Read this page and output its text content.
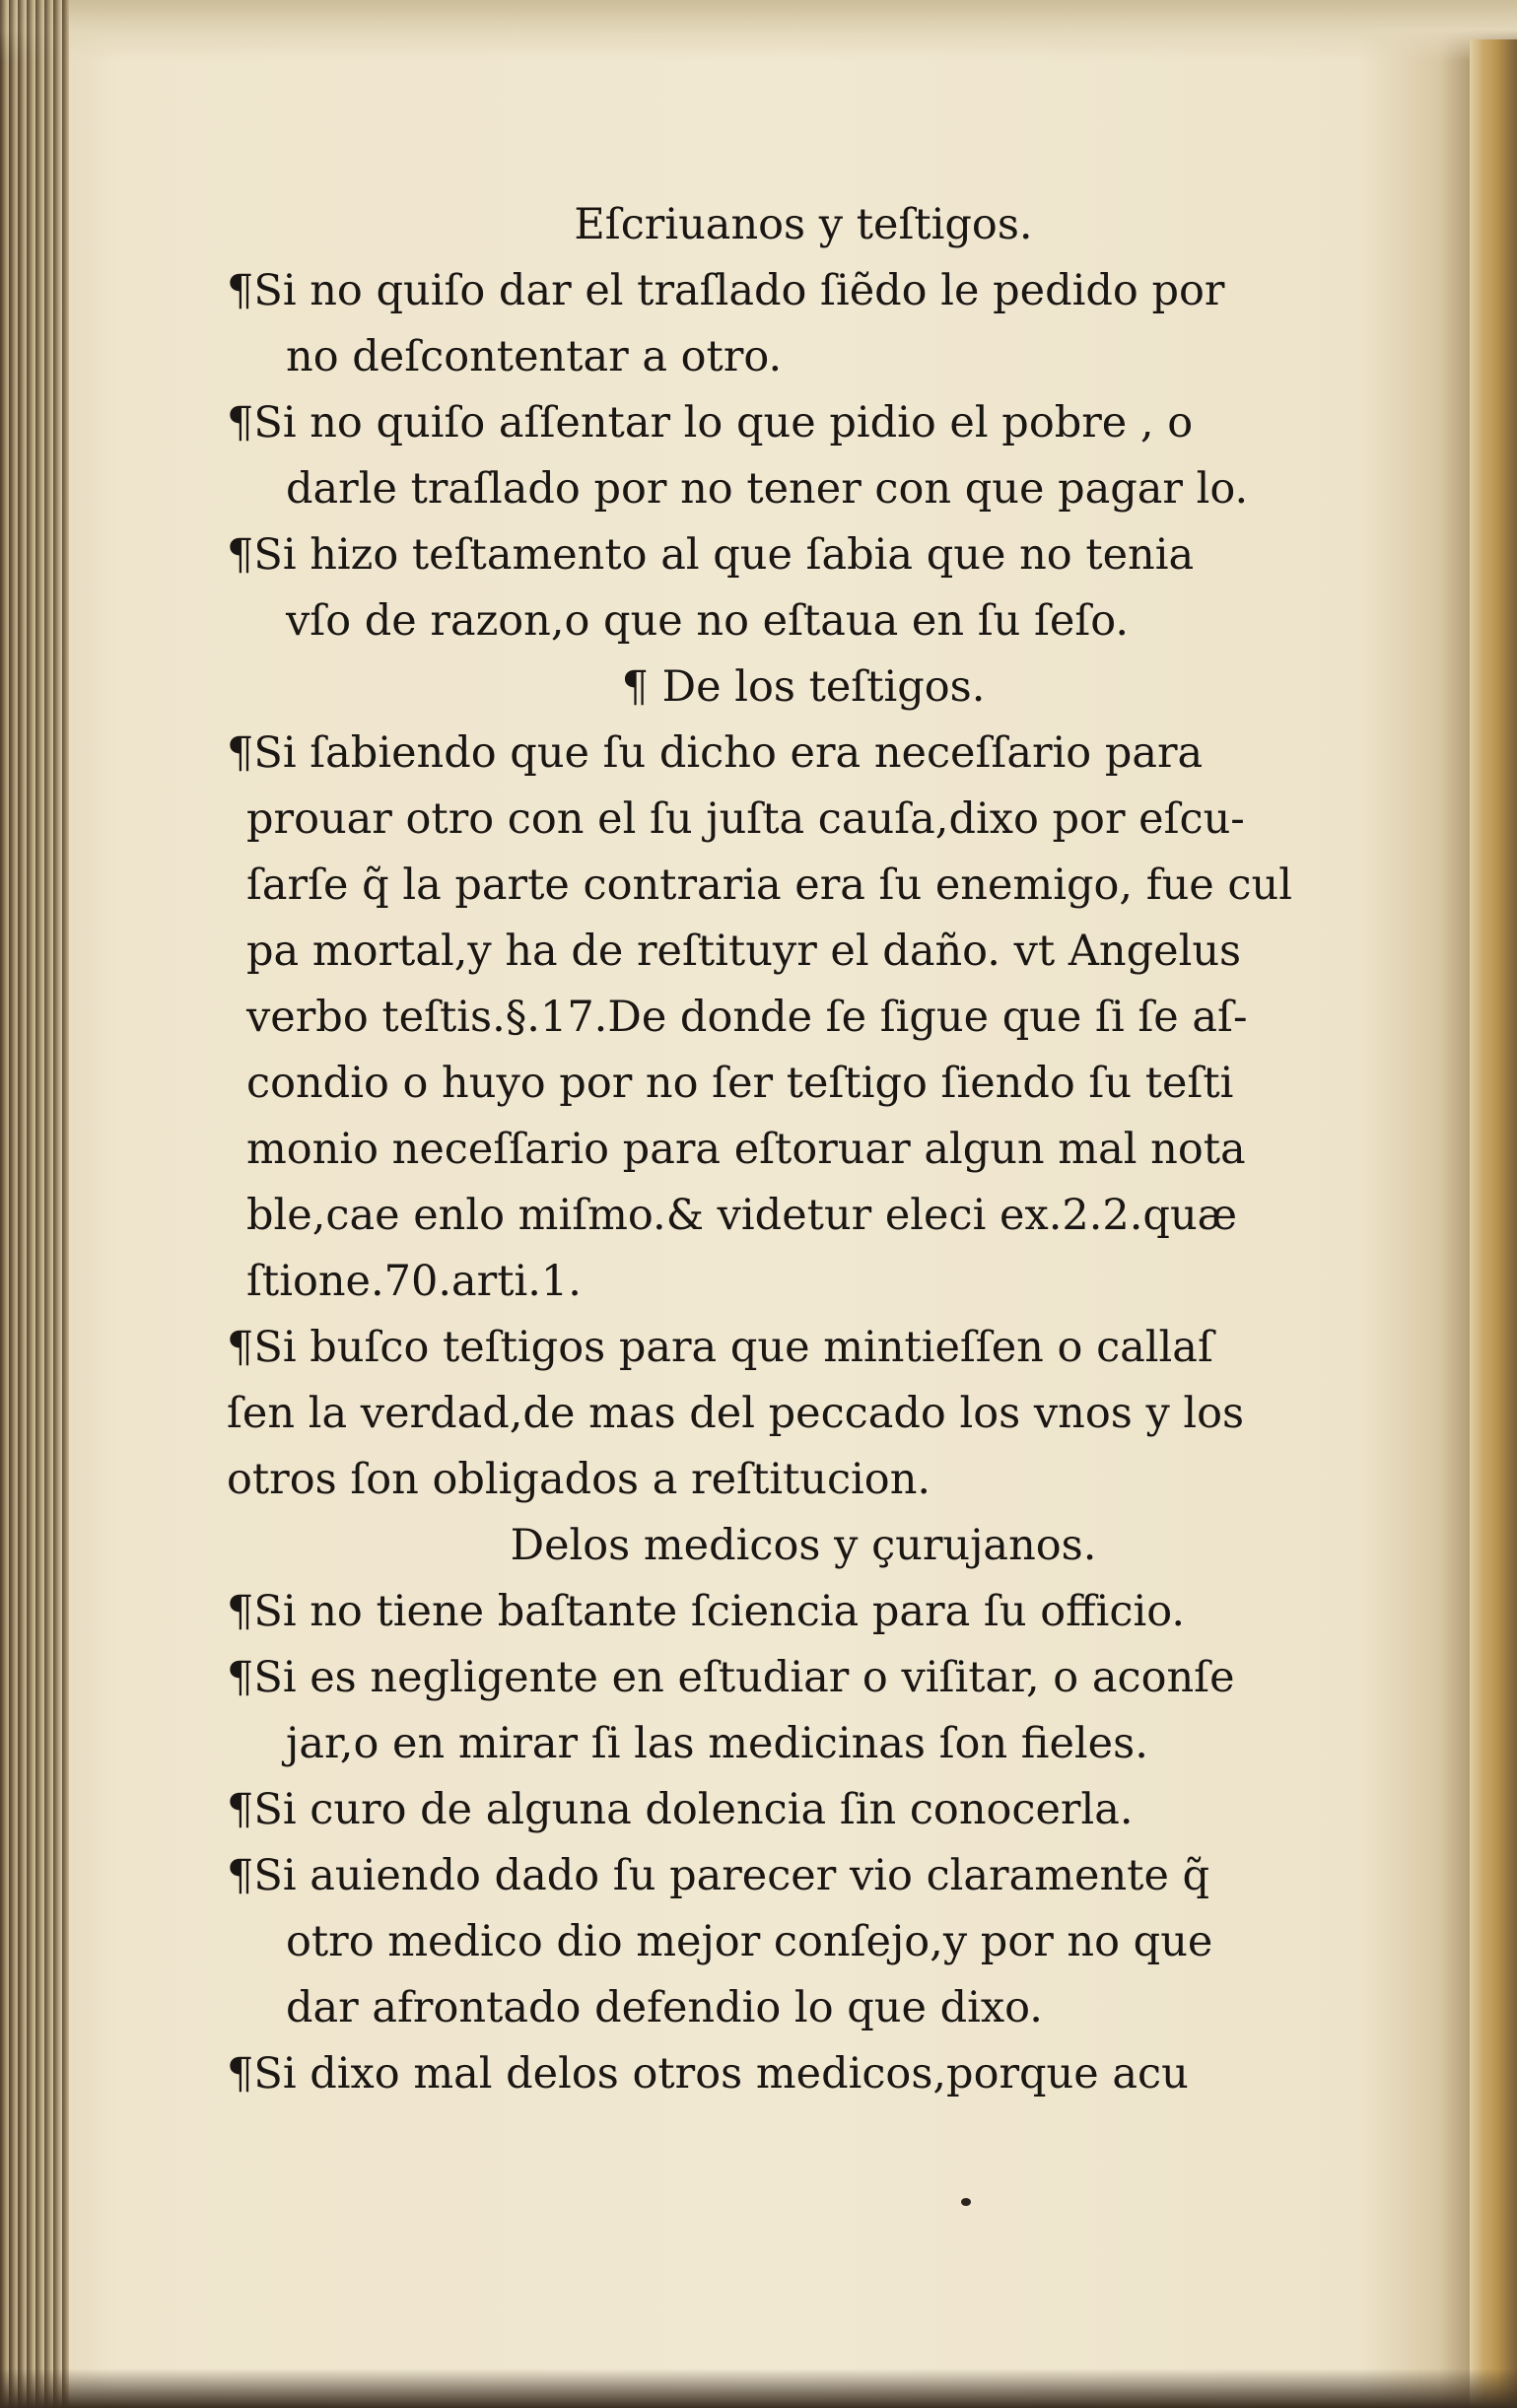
Eſcriuanos y teſtigos.
¶Si no quiſo dar el traſlado ſiẽdo le pedido por
no deſcontentar a otro.
¶Si no quiſo aſſentar lo que pidio el pobre , o
darle traſlado por no tener con que pagar lo.
¶Si hizo teſtamento al que ſabia que no tenia
vſo de razon,o que no eſtaua en ſu ſeſo.
¶ De los teſtigos.
¶Si ſabiendo que ſu dicho era neceſſario para
prouar otro con el ſu juſta cauſa,dixo por eſcu-
ſarſe q̃ la parte contraria era ſu enemigo, fue cul
pa mortal,y ha de reſtituyr el daño. vt Angelus
verbo teſtis.§.17.De donde ſe ſigue que ſi ſe aſ-
condio o huyo por no ſer teſtigo ſiendo ſu teſti
monio neceſſario para eſtoruar algun mal nota
ble,cae enlo miſmo.& videtur eleci ex.2.2.quæ
ſtione.70.arti.1.
¶Si buſco teſtigos para que mintieſſen o callaſ
ſen la verdad,de mas del peccado los vnos y los
otros ſon obligados a reſtitucion.
Delos medicos y çurujanos.
¶Si no tiene baſtante ſciencia para ſu officio.
¶Si es negligente en eſtudiar o viſitar, o aconſe
jar,o en mirar ſi las medicinas ſon fieles.
¶Si curo de alguna dolencia ſin conocerla.
¶Si auiendo dado ſu parecer vio claramente q̃
otro medico dio mejor conſejo,y por no que
dar afrontado defendio lo que dixo.
¶Si dixo mal delos otros medicos,porque acu
